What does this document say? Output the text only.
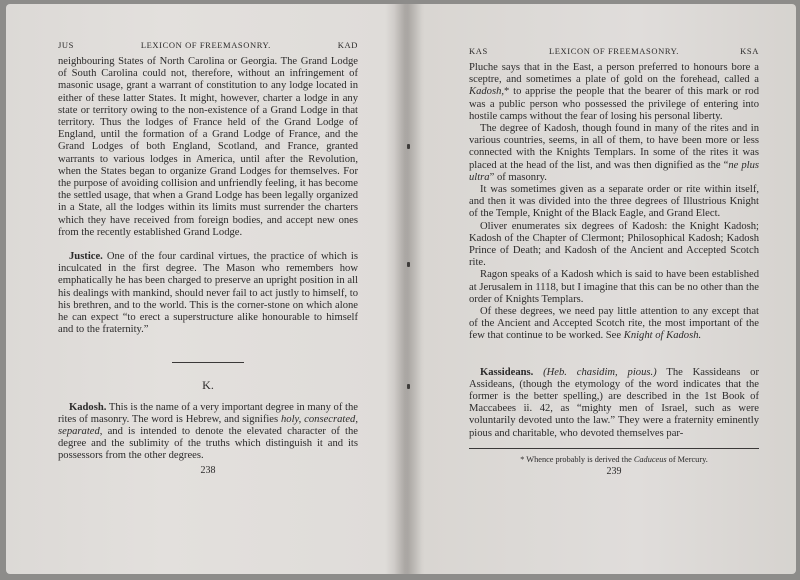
JUS	LEXICON OF FREEMASONRY.	KAD

neighbouring States of North Carolina or Georgia. The Grand Lodge of South Carolina could not, therefore, without an infringement of masonic usage, grant a warrant of constitution to any lodge located in either of these latter States. It might, however, charter a lodge in any state or territory owing to the non-existence of a Grand Lodge in that territory. Thus the lodges of France held of the Grand Lodge of England, until the formation of a Grand Lodge of France, and the Grand Lodges of both England, Scotland, and France, granted warrants to various lodges in America, until after the Revolution, when the States began to organize Grand Lodges for themselves. For the purpose of avoiding collision and unfriendly feeling, it has become the settled usage, that when a Grand Lodge has been legally organized in a State, all the lodges within its limits must surrender the charters which they have received from foreign bodies, and accept new ones from the recently established Grand Lodge.

Justice. One of the four cardinal virtues, the practice of which is inculcated in the first degree. The Mason who remembers how emphatically he has been charged to preserve an upright position in all his dealings with mankind, should never fail to act justly to himself, to his brethren, and to the world. This is the corner-stone on which alone he can expect “to erect a superstructure alike honourable to himself and to the fraternity.”

K.

Kadosh. This is the name of a very important degree in many of the rites of masonry. The word is Hebrew, and signifies holy, consecrated, separated, and is intended to denote the elevated character of the degree and the sublimity of the truths which distinguish it and its possessors from the other degrees.

238
KAS	LEXICON OF FREEMASONRY.	KSA

Pluche says that in the East, a person preferred to honours bore a sceptre, and sometimes a plate of gold on the forehead, called a Kadosh,* to apprise the people that the bearer of this mark or rod was a public person who possessed the privilege of entering into hostile camps without the fear of losing his personal liberty.

The degree of Kadosh, though found in many of the rites and in various countries, seems, in all of them, to have been more or less connected with the Knights Templars. In some of the rites it was placed at the head of the list, and was then dignified as the “ne plus ultra” of masonry.

It was sometimes given as a separate order or rite within itself, and then it was divided into the three degrees of Illustrious Knight of the Temple, Knight of the Black Eagle, and Grand Elect.

Oliver enumerates six degrees of Kadosh: the Knight Kadosh; Kadosh of the Chapter of Clermont; Philosophical Kadosh; Kadosh Prince of Death; and Kadosh of the Ancient and Accepted Scotch rite.

Ragon speaks of a Kadosh which is said to have been established at Jerusalem in 1118, but I imagine that this can be no other than the order of Knights Templars.

Of these degrees, we need pay little attention to any except that of the Ancient and Accepted Scotch rite, the most important of the few that continue to be worked. See Knight of Kadosh.

Kassideans. (Heb. chasidim, pious.) The Kassideans or Assideans, (though the etymology of the word indicates that the former is the better spelling,) are described in the 1st Book of Maccabees ii. 42, as “mighty men of Israel, such as were voluntarily devoted unto the law.” They were a fraternity eminently pious and charitable, who devoted themselves par-

* Whence probably is derived the Caduceus of Mercury.
239
